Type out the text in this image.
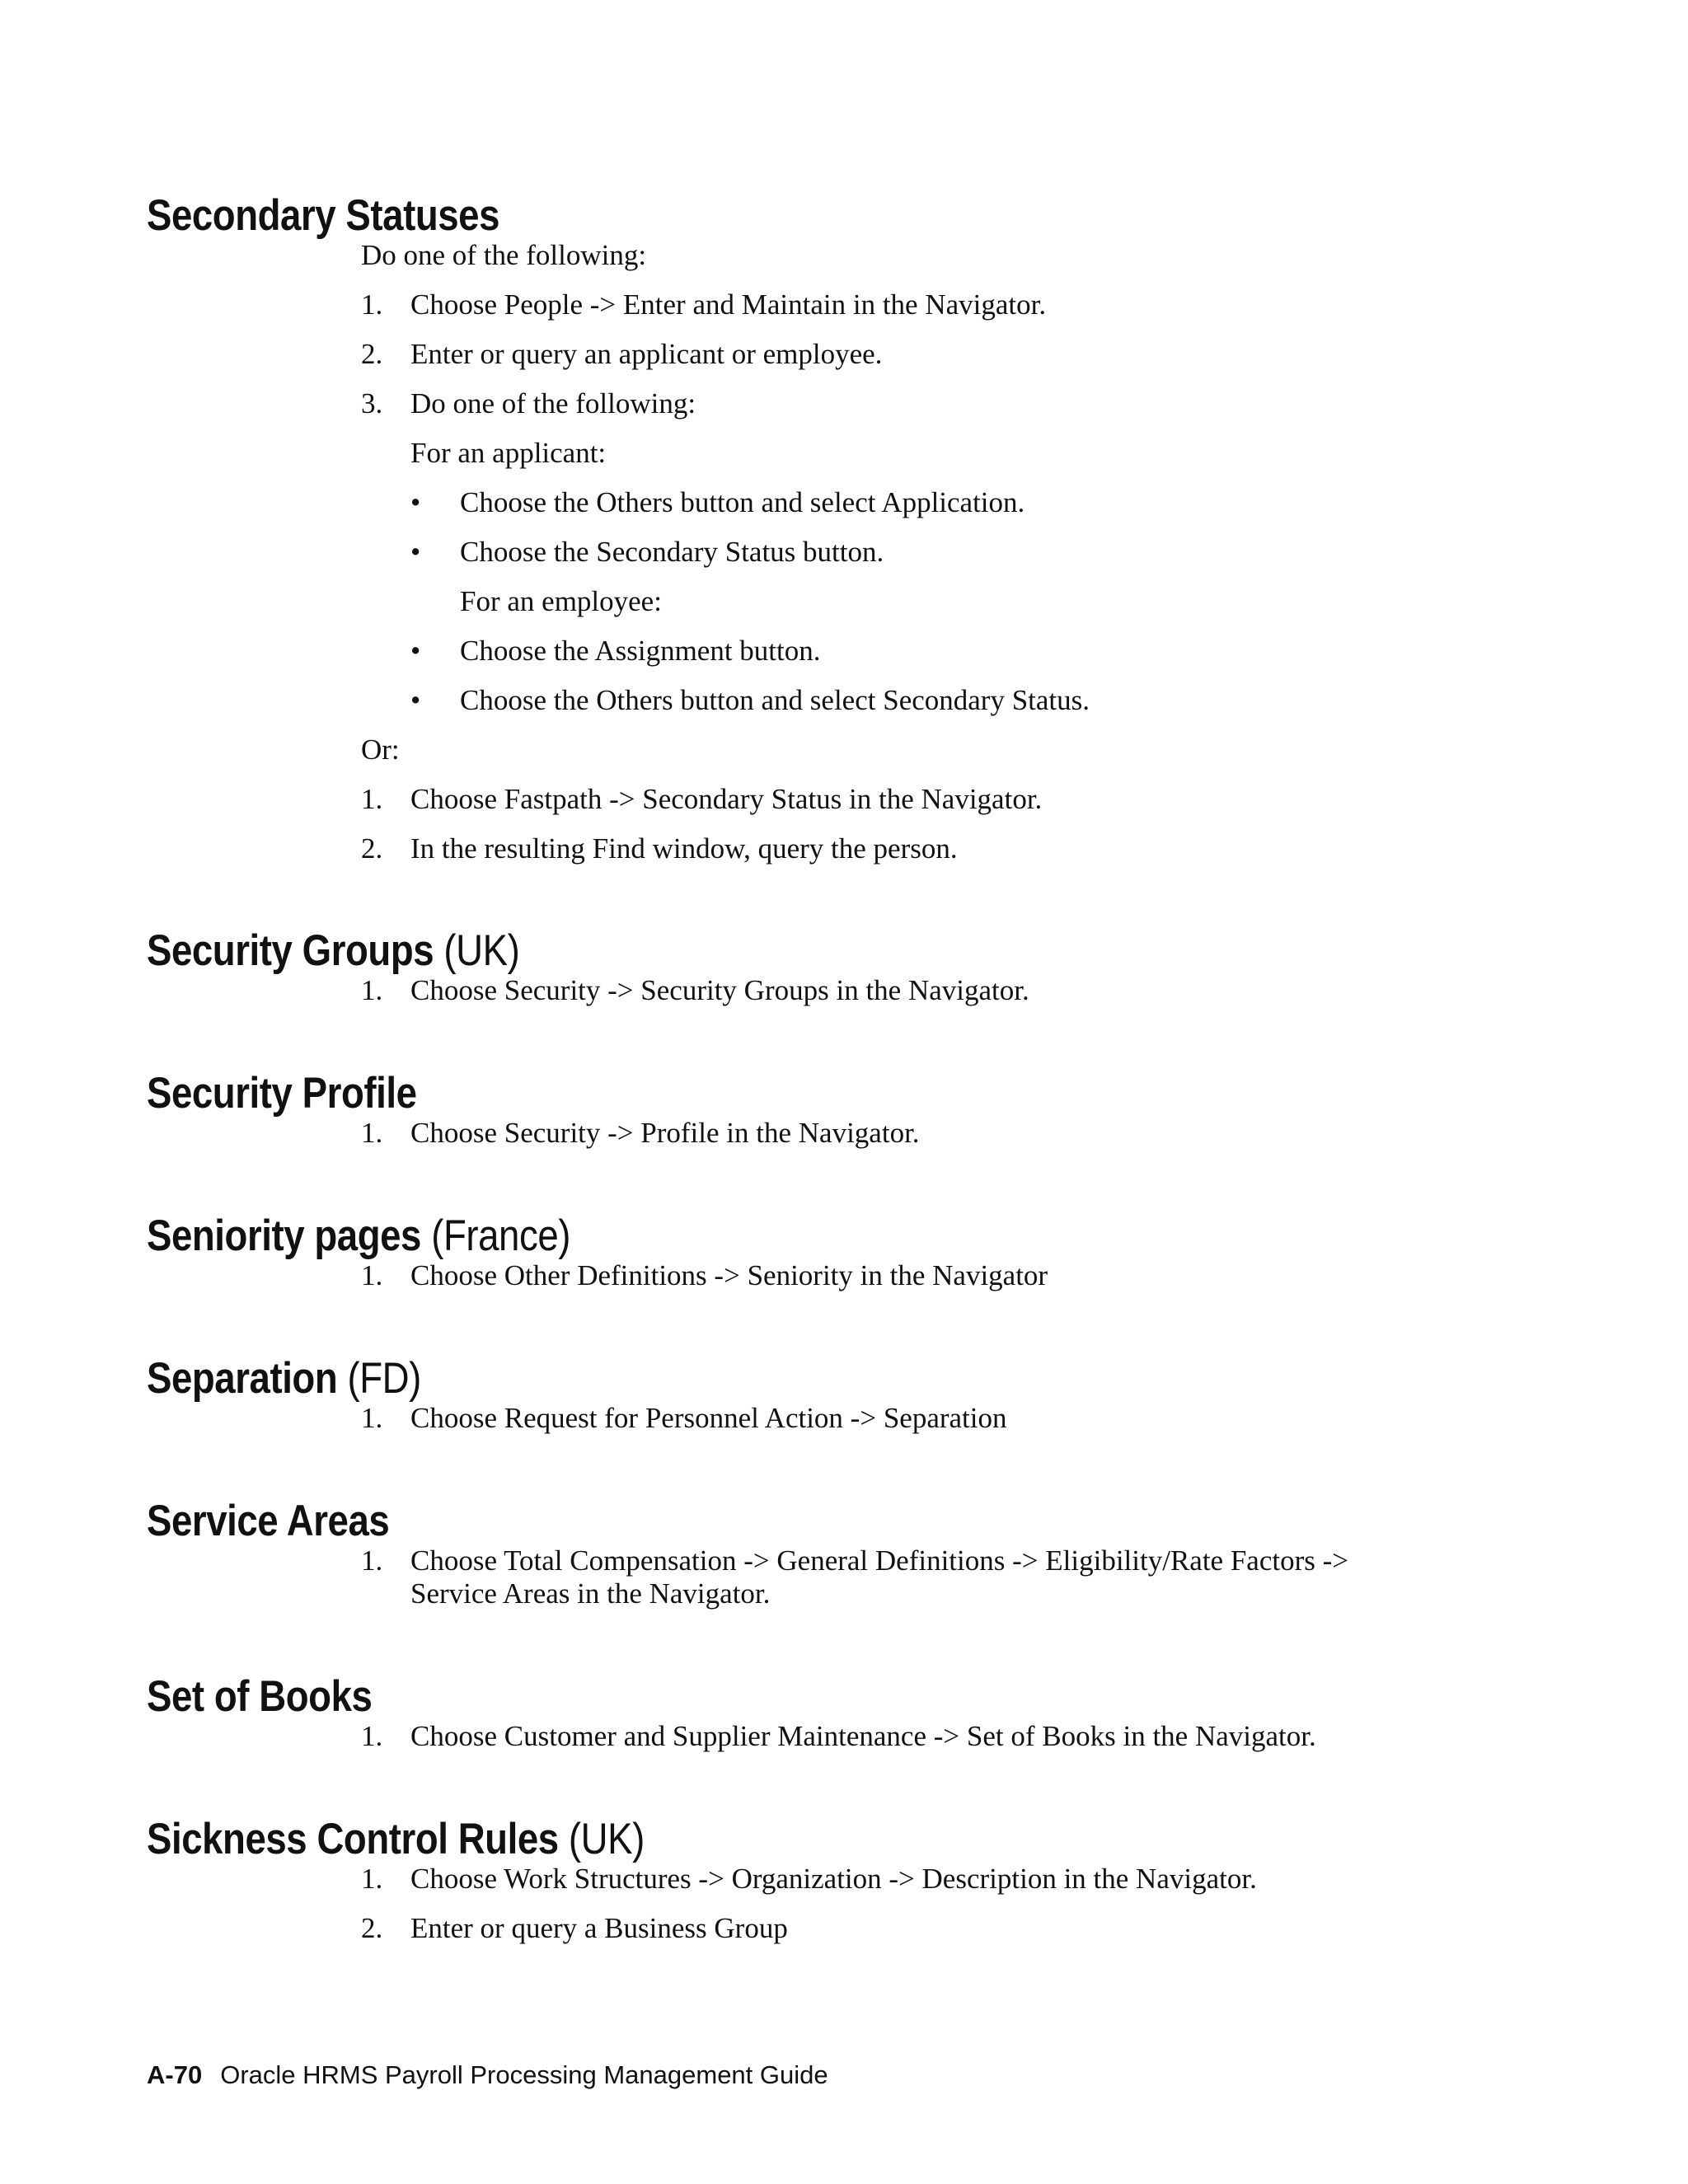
Secondary Statuses

Do one of the following:

1. Choose People -> Enter and Maintain in the Navigator.
2. Enter or query an applicant or employee.
3. Do one of the following:

For an applicant:

•	Choose the Others button and select Application.
•	Choose the Secondary Status button.

For an employee:

•	Choose the Assignment button.
•	Choose the Others button and select Secondary Status.

Or:

1. Choose Fastpath -> Secondary Status in the Navigator.
2. In the resulting Find window, query the person.
Security Groups (UK)
1. Choose Security -> Security Groups in the Navigator.
Security Profile
1. Choose Security -> Profile in the Navigator.
Seniority pages (France)
1. Choose Other Definitions -> Seniority in the Navigator
Separation (FD)
1. Choose Request for Personnel Action -> Separation
Service Areas
1. Choose Total Compensation -> General Definitions -> Eligibility/Rate Factors ->
Service Areas in the Navigator.
Set of Books
1. Choose Customer and Supplier Maintenance -> Set of Books in the Navigator.
Sickness Control Rules (UK)
1. Choose Work Structures -> Organization -> Description in the Navigator.
2. Enter or query a Business Group
A-70 Oracle HRMS Payroll Processing Management Guide
